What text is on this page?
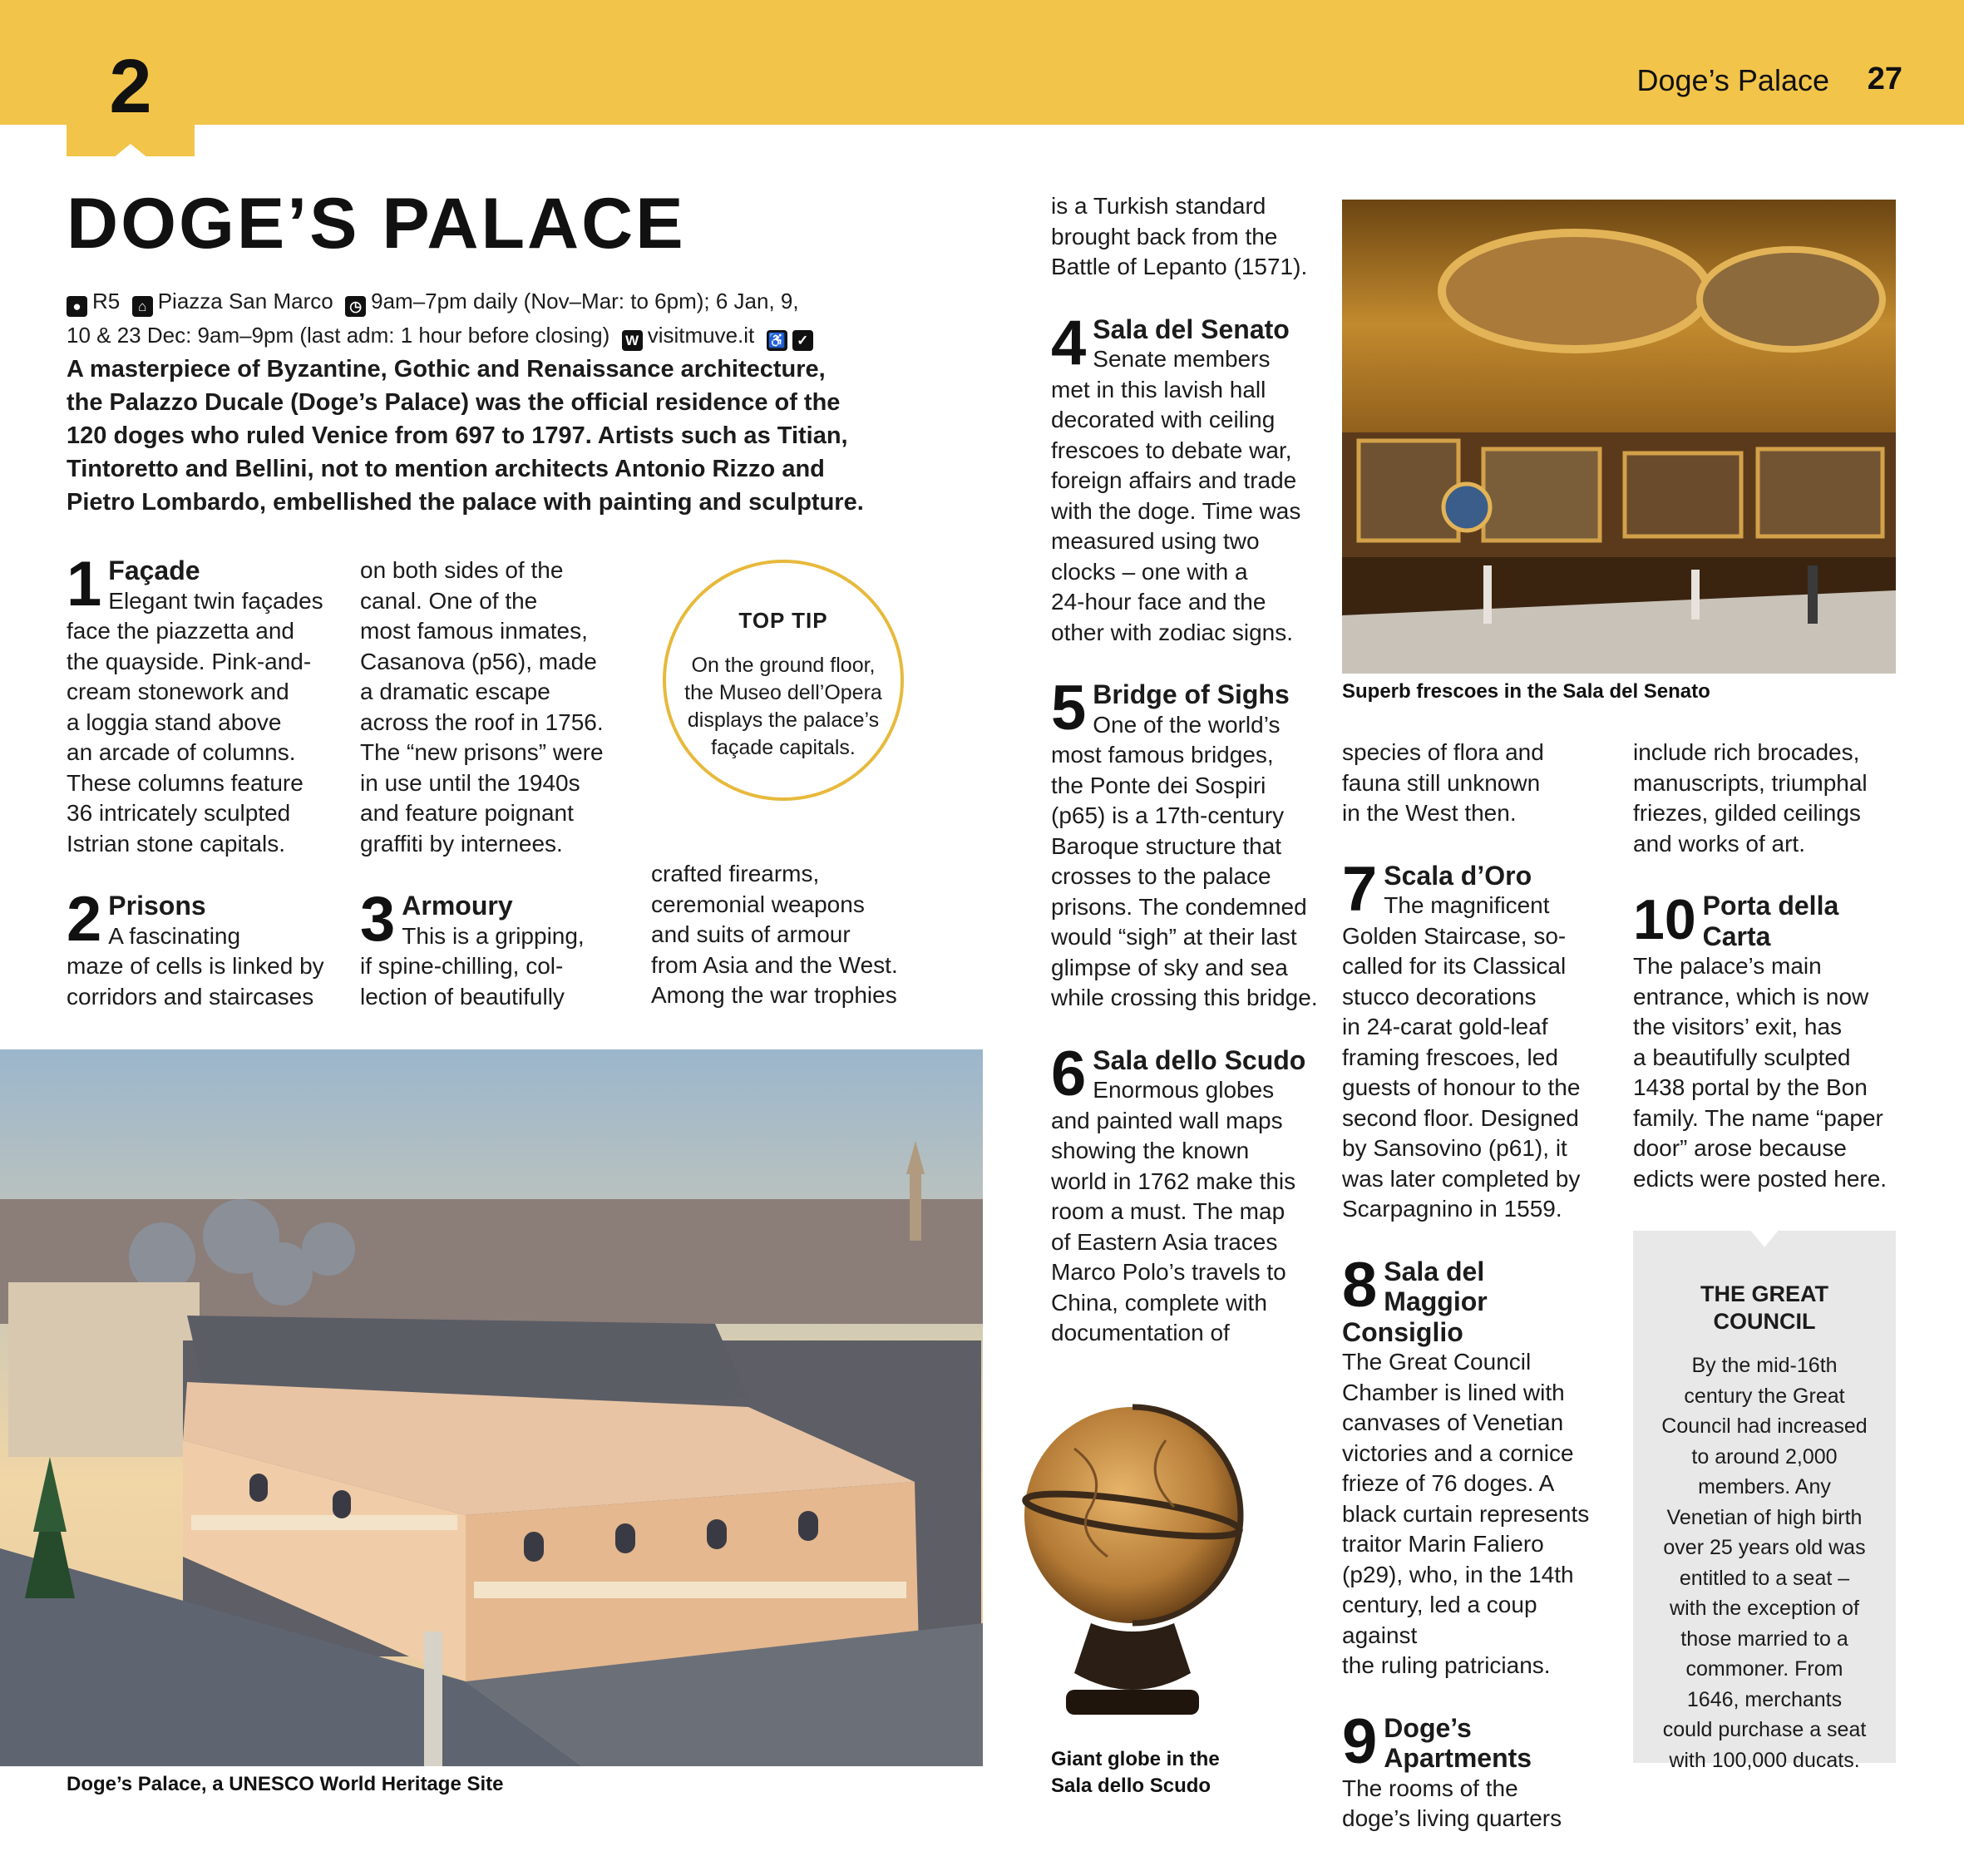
2	Doge’s Palace 27
DOGE’S PALACE
● R5 ⌂ Piazza San Marco ◷ 9am–7pm daily (Nov–Mar: to 6pm); 6 Jan, 9,
10 & 23 Dec: 9am–9pm (last adm: 1 hour before closing) W visitmuve.it ♿ ✓
A masterpiece of Byzantine, Gothic and Renaissance architecture,
the Palazzo Ducale (Doge’s Palace) was the official residence of the
120 doges who ruled Venice from 697 to 1797. Artists such as Titian,
Tintoretto and Bellini, not to mention architects Antonio Rizzo and
Pietro Lombardo, embellished the palace with painting and sculpture.
1 Façade
Elegant twin façades
face the piazzetta and
the quayside. Pink-and-
cream stonework and
a loggia stand above
an arcade of columns.
These columns feature
36 intricately sculpted
Istrian stone capitals.
2 Prisons
A fascinating
maze of cells is linked by
corridors and staircases
on both sides of the
canal. One of the
most famous inmates,
Casanova (p56), made
a dramatic escape
across the roof in 1756.
The “new prisons” were
in use until the 1940s
and feature poignant
graffiti by internees.
3 Armoury
This is a gripping,
if spine-chilling, col-
lection of beautifully
TOP TIP
On the ground floor, the Museo dell’Opera displays the palace’s façade capitals.
crafted firearms,
ceremonial weapons
and suits of armour
from Asia and the West.
Among the war trophies
is a Turkish standard
brought back from the
Battle of Lepanto (1571).
4 Sala del Senato
Senate members
met in this lavish hall
decorated with ceiling
frescoes to debate war,
foreign affairs and trade
with the doge. Time was
measured using two
clocks – one with a
24-hour face and the
other with zodiac signs.
5 Bridge of Sighs
One of the world’s
most famous bridges,
the Ponte dei Sospiri
(p65) is a 17th-century
Baroque structure that
crosses to the palace
prisons. The condemned
would “sigh” at their last
glimpse of sky and sea
while crossing this bridge.
6 Sala dello Scudo
Enormous globes
and painted wall maps
showing the known
world in 1762 make this
room a must. The map
of Eastern Asia traces
Marco Polo’s travels to
China, complete with
documentation of
species of flora and
fauna still unknown
in the West then.
7 Scala d’Oro
The magnificent
Golden Staircase, so-
called for its Classical
stucco decorations
in 24-carat gold-leaf
framing frescoes, led
guests of honour to the
second floor. Designed
by Sansovino (p61), it
was later completed by
Scarpagnino in 1559.
8 Sala del
Maggior
Consiglio
The Great Council
Chamber is lined with
canvases of Venetian
victories and a cornice
frieze of 76 doges. A
black curtain represents
traitor Marin Faliero
(p29), who, in the 14th
century, led a coup against
the ruling patricians.
9 Doge’s
Apartments
The rooms of the
doge’s living quarters
include rich brocades,
manuscripts, triumphal
friezes, gilded ceilings
and works of art.
10 Porta della
Carta
The palace’s main
entrance, which is now
the visitors’ exit, has
a beautifully sculpted
1438 portal by the Bon
family. The name “paper
door” arose because
edicts were posted here.
THE GREAT
COUNCIL
By the mid-16th
century the Great
Council had increased
to around 2,000
members. Any
Venetian of high birth
over 25 years old was
entitled to a seat –
with the exception of
those married to a
commoner. From
1646, merchants
could purchase a seat
with 100,000 ducats.
Superb frescoes in the Sala del Senato
Doge’s Palace, a UNESCO World Heritage Site
Giant globe in the
Sala dello Scudo
